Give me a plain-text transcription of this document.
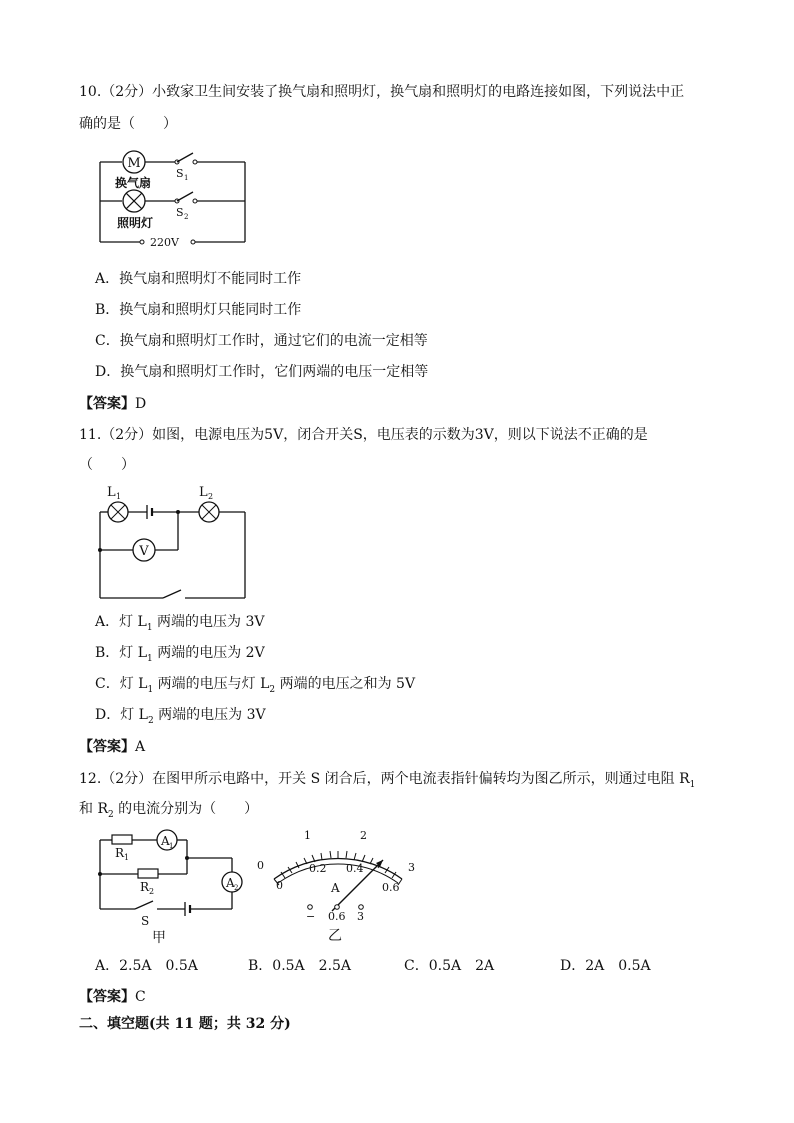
10.（2分）小致家卫生间安装了换气扇和照明灯，换气扇和照明灯的电路连接如图，下列说法中正
确的是（　　）
M
S 1
换气扇
S 2
照明灯
220V
A．换气扇和照明灯不能同时工作
B．换气扇和照明灯只能同时工作
C．换气扇和照明灯工作时，通过它们的电流一定相等
D．换气扇和照明灯工作时，它们两端的电压一定相等
【答案】D
11.（2分）如图，电源电压为5V，闭合开关S，电压表的示数为3V，则以下说法不正确的是
（　　）
L 1	L 2
V
A．灯 $L_1$ 两端的电压为 3V
B．灯 $L_1$ 两端的电压为 2V
C．灯 $L_1$ 两端的电压与灯 $L_2$ 两端的电压之和为 5V
D．灯 $L_2$ 两端的电压为 3V
【答案】A
12.（2分）在图甲所示电路中，开关 S 闭合后，两个电流表指针偏转均为图乙所示，则通过电阻 $R_1$
和 $R_2$ 的电流分别为（　　）
A 1
R 1
R 2
A 2
S
甲
0
1	2
3
0
0.2 0.4
0.6
A
− 0.6 3
乙
A．2.5A　0.5A	B．0.5A　2.5A	C．0.5A　2A	D．2A　0.5A
【答案】C
二、填空题(共 11 题；共 32 分)
